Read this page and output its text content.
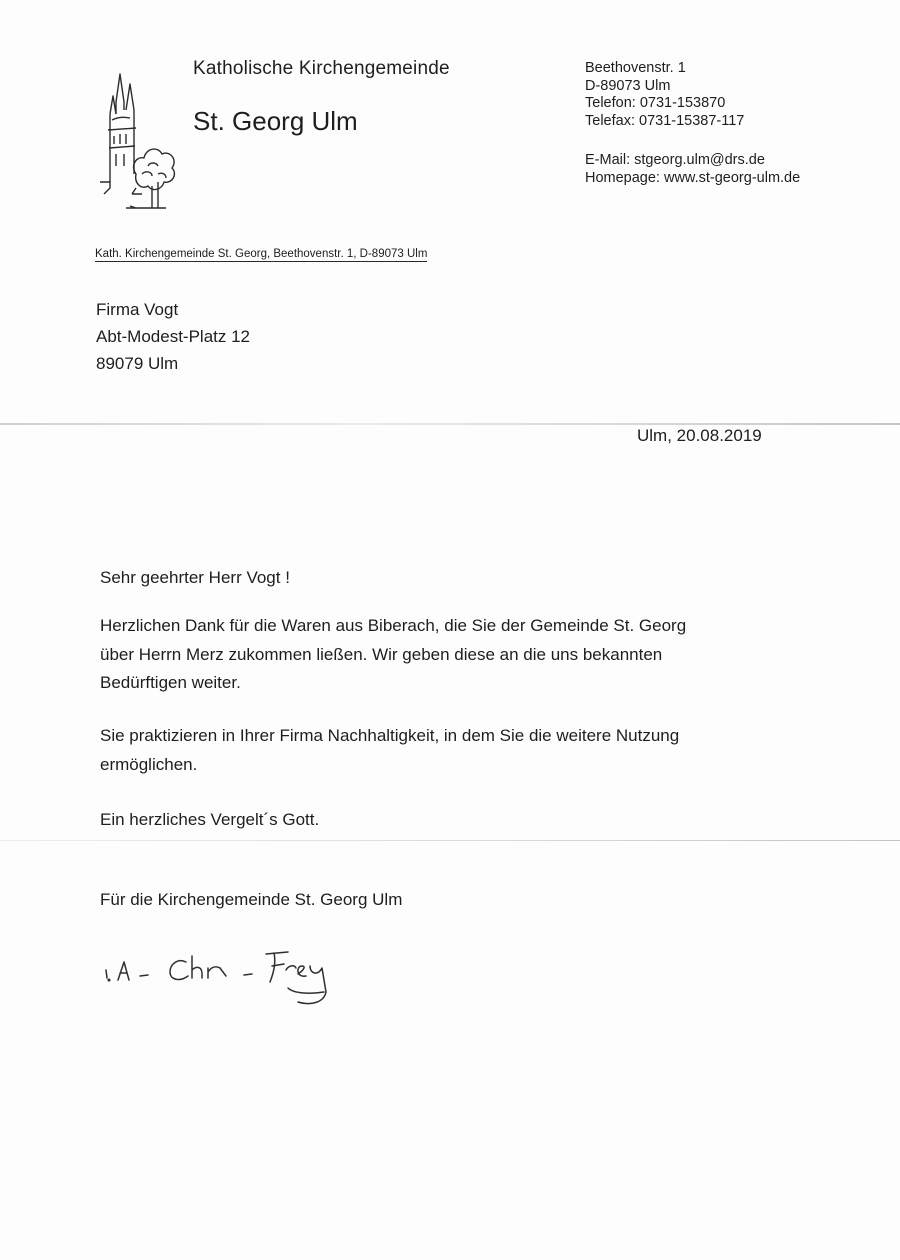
Katholische Kirchengemeinde
St. Georg Ulm
Beethovenstr. 1
D-89073 Ulm
Telefon: 0731-153870
Telefax: 0731-15387-117
E-Mail: stgeorg.ulm@drs.de
Homepage: www.st-georg-ulm.de
Kath. Kirchengemeinde St. Georg, Beethovenstr. 1, D-89073 Ulm
Firma Vogt
Abt-Modest-Platz 12
89079 Ulm
Ulm, 20.08.2019
Sehr geehrter Herr Vogt !
Herzlichen Dank für die Waren aus Biberach, die Sie der Gemeinde St. Georg
über Herrn Merz zukommen ließen. Wir geben diese an die uns bekannten
Bedürftigen weiter.
Sie praktizieren in Ihrer Firma Nachhaltigkeit, in dem Sie die weitere Nutzung
ermöglichen.
Ein herzliches Vergelt´s Gott.
Für die Kirchengemeinde St. Georg Ulm
